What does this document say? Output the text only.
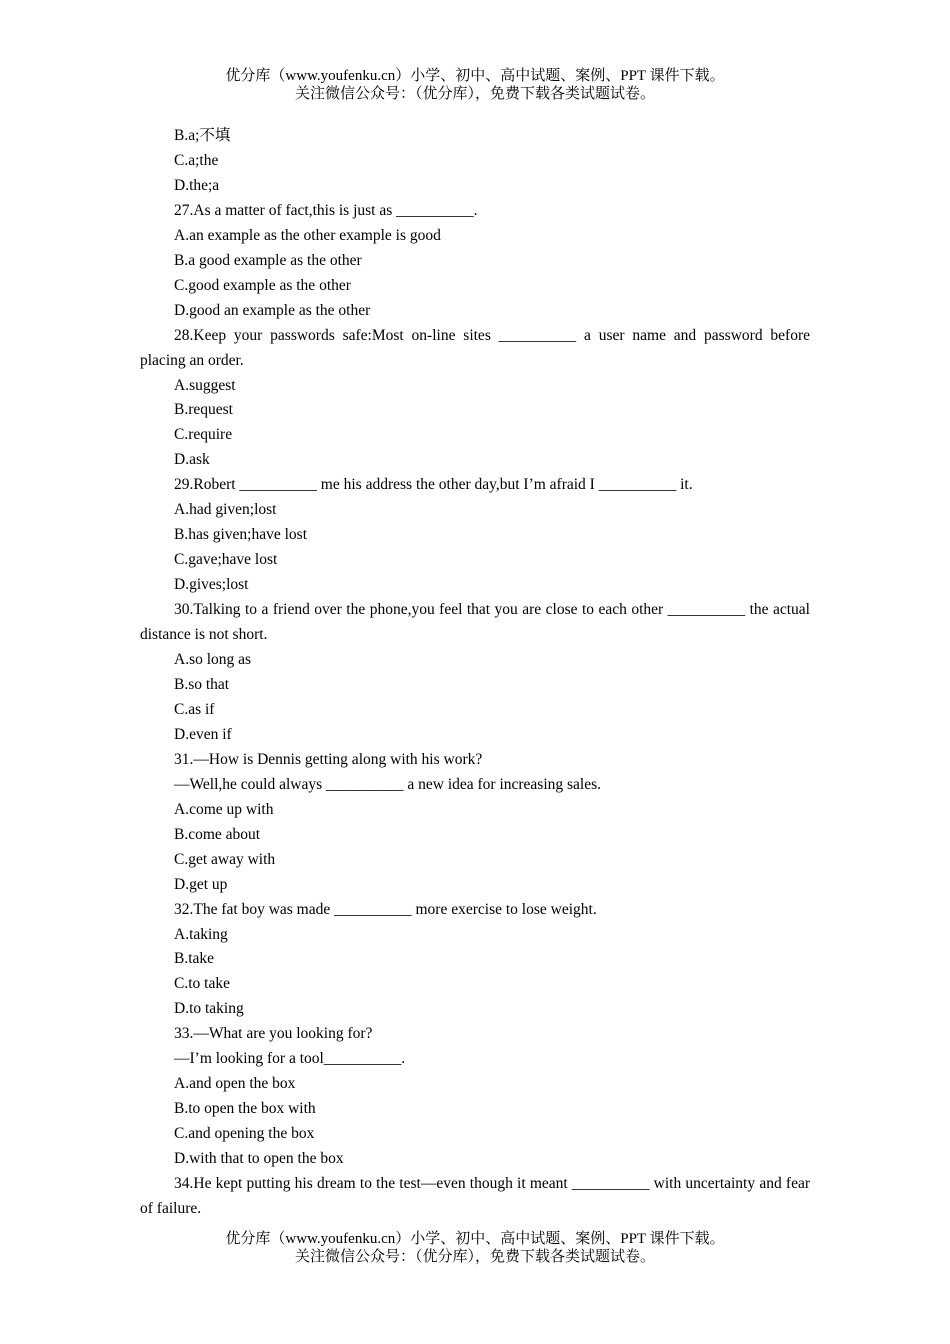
优分库（www.youfenku.cn）小学、初中、高中试题、案例、PPT 课件下载。
关注微信公众号：（优分库），免费下载各类试题试卷。
B.a;不填
C.a;the
D.the;a
27.As a matter of fact,this is just as __________.
A.an example as the other example is good
B.a good example as the other
C.good example as the other
D.good an example as the other
28.Keep your passwords safe:Most on-line sites __________ a user name and password before placing an order.
A.suggest
B.request
C.require
D.ask
29.Robert __________ me his address the other day,but I’m afraid I __________ it.
A.had given;lost
B.has given;have lost
C.gave;have lost
D.gives;lost
30.Talking to a friend over the phone,you feel that you are close to each other __________ the actual distance is not short.
A.so long as
B.so that
C.as if
D.even if
31.—How is Dennis getting along with his work?
—Well,he could always __________ a new idea for increasing sales.
A.come up with
B.come about
C.get away with
D.get up
32.The fat boy was made __________ more exercise to lose weight.
A.taking
B.take
C.to take
D.to taking
33.—What are you looking for?
—I’m looking for a tool__________.
A.and open the box
B.to open the box with
C.and opening the box
D.with that to open the box
34.He kept putting his dream to the test—even though it meant __________ with uncertainty and fear of failure.
优分库（www.youfenku.cn）小学、初中、高中试题、案例、PPT 课件下载。
关注微信公众号：（优分库），免费下载各类试题试卷。
